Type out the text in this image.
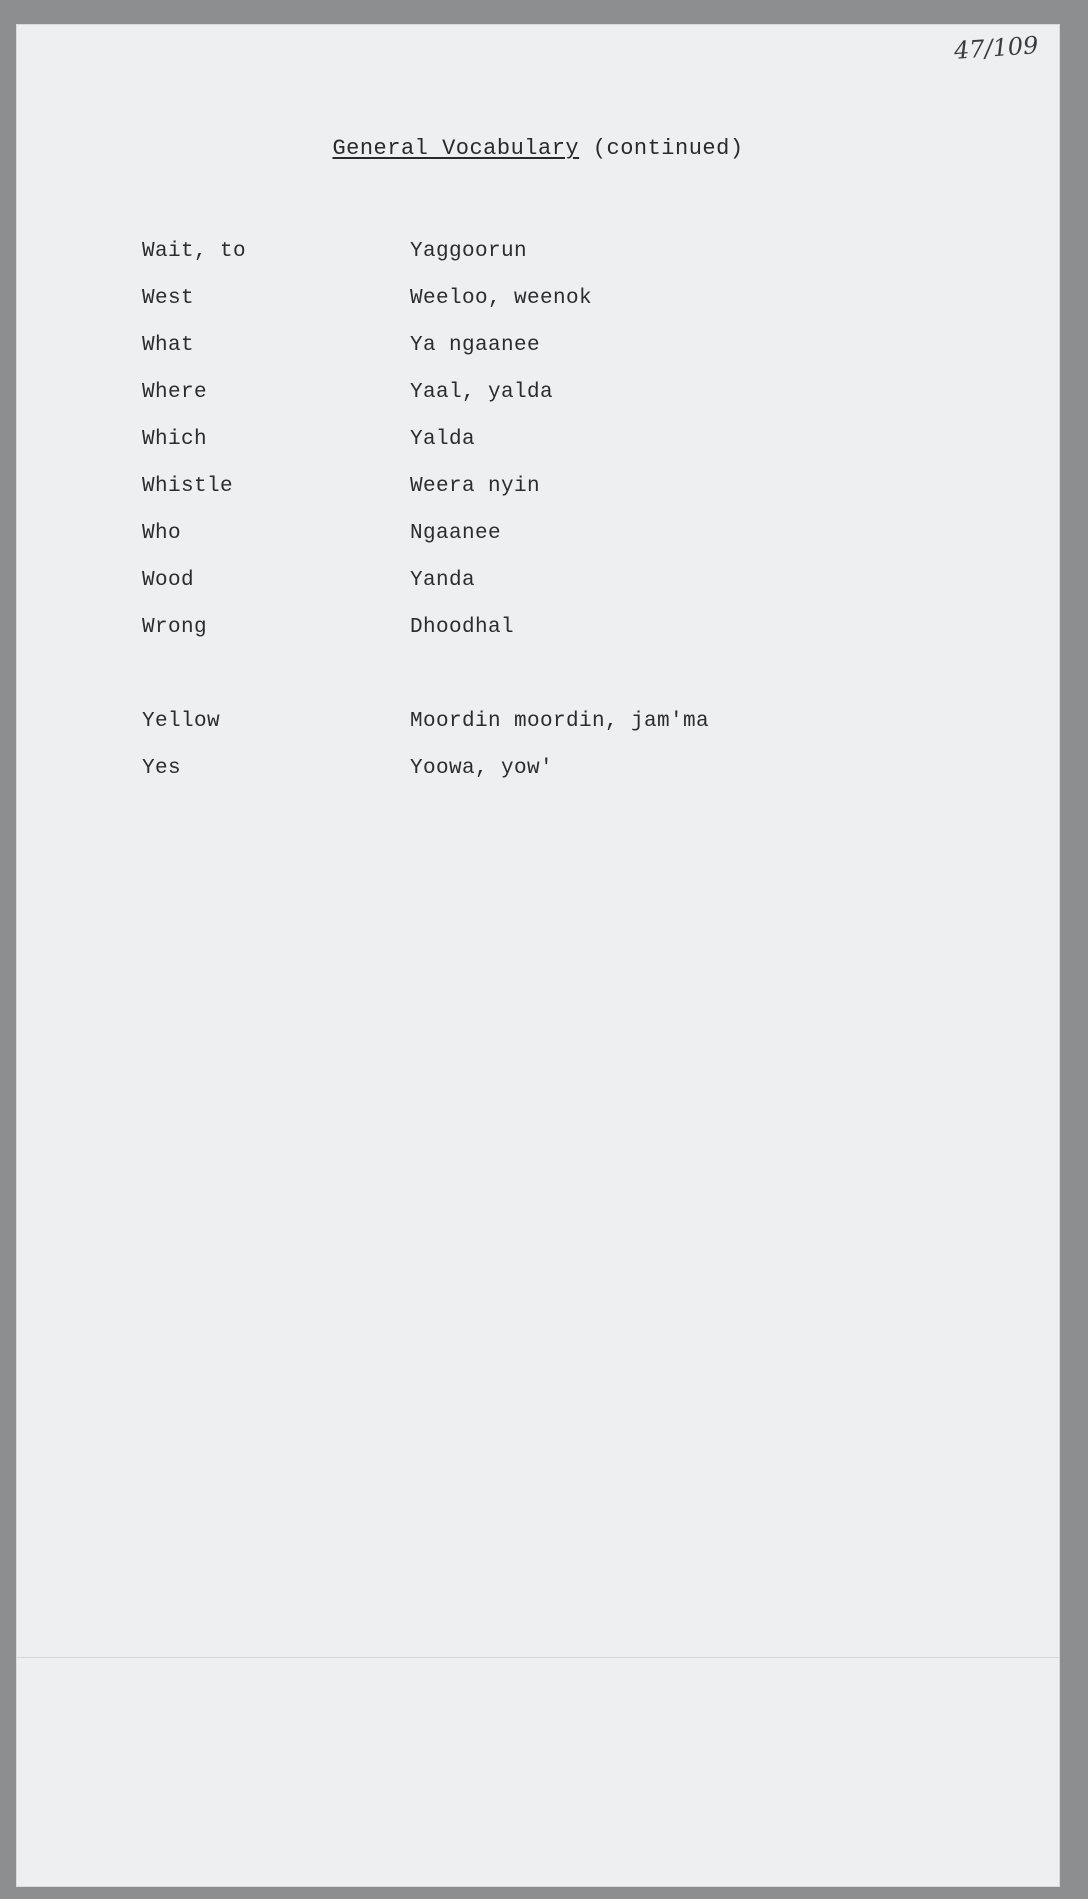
47/109
General Vocabulary (continued)
Wait, to	Yaggoorun
West	Weeloo, weenok
What	Ya ngaanee
Where	Yaal, yalda
Which	Yalda
Whistle	Weera nyin
Who	Ngaanee
Wood	Yanda
Wrong	Dhoodhal
Yellow	Moordin moordin, jam'ma
Yes	Yoowa, yow'
